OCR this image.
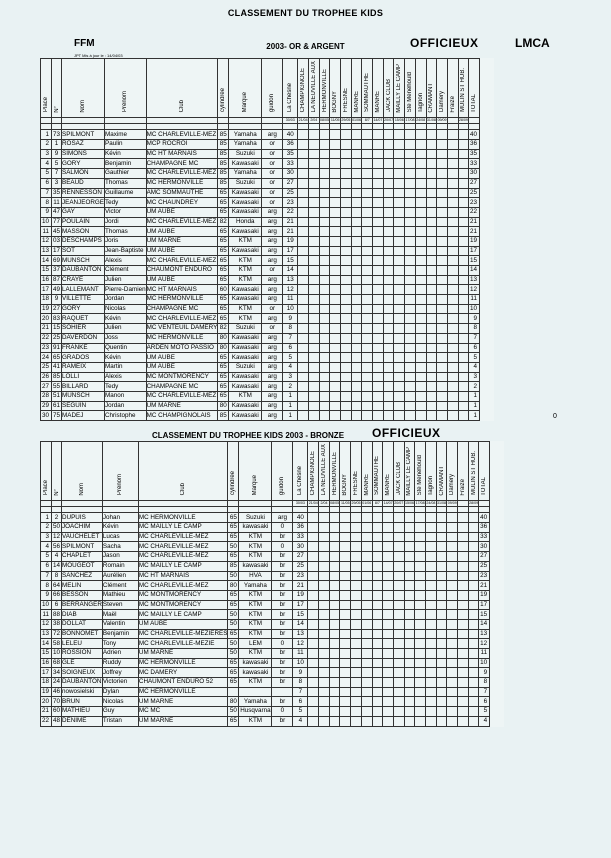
CLASSEMENT DU TROPHEE KIDS
FFM	2003- OR & ARGENT	OFFICIEUX	LMCA
JPT Mis à jour le : 14/04/03
Place	N°	Nom	Prénom	Club	cylindrée	Marque	guidon	La Chesne	CHAMPIGNOLE	LA NEUVILLE AUX	HERMONVILLE	BOGNY	FRESNE	MANRE	SOMMAUTHE	MANRE	JACK CLUB	MAILLY LE CAMP	Ste Menehould	Tagnon	CRAMANT	Damery	Fraize	MULIN ST HUB.	TOTAL
								30/03	21/04	2/04	08/05	11/05	29/05	01/06	8/7	14/07	20/07	15/06	17/08	24/08	31/08	09/09		28/09	

1	73	SPILMONT	Maxime	MC CHARLEVILLE-MEZ	85	Yamaha	arg	40																	40
2	1	ROSAZ	Paulin	MCP ROCROI	85	Yamaha	or	36																	36
3	9	SIMONS	Kévin	MC HT MARNAIS	85	Suzuki	or	35																	35
4	5	GORY	Benjamin	CHAMPAGNE MC	85	Kawasaki	or	33																	33
5	7	SALMON	Gauthier	MC CHARLEVILLE-MEZ	85	Yamaha	or	30																	30
6	3	BEAUD	Thomas	MC HERMONVILLE	85	Suzuki	or	27																	27
7	35	RENNESSON	Guillaume	AMC SOMMAUTHE	65	Kawasaki	or	25																	25
8	11	JEANJEORGE	Tedy	MC CHAUNDREY	65	Kawasaki	or	23																	23
9	47	GAY	Victor	UM AUBE	65	Kawasaki	arg	22																	22
10	77	POULAIN	Jordi	MC CHARLEVILLE-MEZ	82	Honda	arg	21																	21
11	45	MASSON	Thomas	UM AUBE	65	Kawasaki	arg	21																	21
12	03	DESCHAMPS	Joris	UM MARNE	65	KTM	arg	19																	19
13	17	SOT	Jean-Baptiste	UM AUBE	65	Kawasaki	arg	17																	17
14	69	MUNSCH	Alexis	MC CHARLEVILLE-MEZ	65	KTM	arg	15																	15
15	37	DAUBANTON	Clément	CHAUMONT ENDURO	65	KTM	or	14																	14
16	87	CRAYE	Julien	UM AUBE	65	KTM	arg	13																	13
17	49	LALLEMANT	Pierre-Damien	MC HT MARNAIS	60	Kawasaki	arg	12																	12
18	9	VILLETTE	Jordan	MC HERMONVILLE	65	Kawasaki	arg	11																	11
19	27	GORY	Nicolas	CHAMPAGNE MC	65	KTM	or	10																	10
20	83	RAQUET	Kévin	MC CHARLEVILLE-MEZ	65	KTM	arg	9																	9
21	15	SOHIER	Julien	MC VENTEUIL DAMERY	82	Suzuki	or	8																	8
22	25	DAVERDON	Joss	MC HERMONVILLE	80	Kawasaki	arg	7																	7
23	91	FRANKE	Quentin	ARDEN MOTO PASSIO	80	Kawasaki	arg	6																	6
24	65	GRADOS	Kévin	UM AUBE	65	Kawasaki	arg	5																	5
25	41	RAMEIX	Martin	UM AUBE	65	Suzuki	arg	4																	4
26	85	LOLLI	Alexis	MC MONTMORENCY	65	Kawasaki	arg	3																	3
27	55	BILLARD	Tedy	CHAMPAGNE MC	65	Kawasaki	arg	2																	2
28	51	MUNSCH	Manon	MC CHARLEVILLE-MEZ	65	KTM	arg	1																	1
29	61	SEGUIN	Jordan	UM MARNE	80	Kawasaki	arg	1																	1
30	75	MADEJ	Christophe	MC CHAMPIGNOLAIS	85	Kawasaki	arg	1																	1	0
CLASSEMENT DU TROPHEE KIDS 2003 - BRONZE OFFICIEUX
Place	N°	Nom	Prénom	Club	cylindrée	Marque	guidon	La Chesne	CHAMPIGNOLE	LA NEUVILLE AUX	HERMONVILLE	BOGNY	FRESNE	MANRE	SOMMAUTHE	MANRE	JACK CLUB	MAILLY LE CAMP	Ste Menehould	Tagnon	CRAMANT	Damery	Fraize	MULIN ST HUB.	TOTAL
								30/03	21/04	2/04	08/05	11/05	29/05	01/06	8/7	14/07	20/07	15/06	17/08	24/08	31/08	09/09		28/09	

1	2	DUPUIS	Johan	MC HERMONVILLE	65	Suzuki	arg	40																	40
2	50	JOACHIM	Kévin	MC MAILLY LE CAMP	65	kawasaki	0	36																	36
3	12	VAUCHELET	Lucas	MC CHARLEVILLE-MEZ	65	KTM	br	33																	33
4	56	SPILMONT	Sacha	MC CHARLEVILLE-MEZ	50	KTM	0	30																	30
5	4	CHAPLET	Jason	MC CHARLEVILLE-MEZ	65	KTM	br	27																	27
6	14	MOUGEOT	Romain	MC MAILLY LE CAMP	85	kawasaki	br	25																	25
7	8	SANCHEZ	Aurélien	MC HT MARNAIS	50	HVA	br	23																	23
8	64	MELIN	Clément	MC CHARLEVILLE-MEZ	80	Yamaha	br	21																	21
9	66	BESSON	Mathieu	MC MONTMORENCY	65	KTM	br	19																	19
10	6	BERRANGER	Steven	MC MONTMORENCY	65	KTM	br	17																	17
11	88	DIAB	Maël	MC MAILLY LE CAMP	50	KTM	br	15																	15
12	38	DOLLAT	Valentin	UM AUBE	50	KTM	br	14																	14
13	72	BONNOMET	Benjamin	MC CHARLEVILLE-MEZIERES	65	KTM	br	13																	13
14	58	LELEU	Tony	MC CHARLEVILLE-MEZIE	50	LEM	0	12																	12
15	10	ROSSION	Adrien	UM MARNE	50	KTM	br	11																	11
16	68	GLE	Ruddy	MC HERMONVILLE	65	kawasaki	br	10																	10
17	34	SOIGNEUX	Joffrey	MC DAMERY	65	kawasaki	br	9																	9
18	24	DAUBANTON	Victorien	CHAUMONT ENDURO 52	65	KTM	br	8																	8
19	46	nowosielski	Dylan	MC HERMONVILLE				7																	7
20	70	BRUN	Nicolas	UM MARNE	80	Yamaha	br	6																	6
21	60	MATHIEU	Guy	MC MC	50	Husqvarna	0	5																	5
22	48	DENIME	Tristan	UM MARNE	65	KTM	br	4																	4
